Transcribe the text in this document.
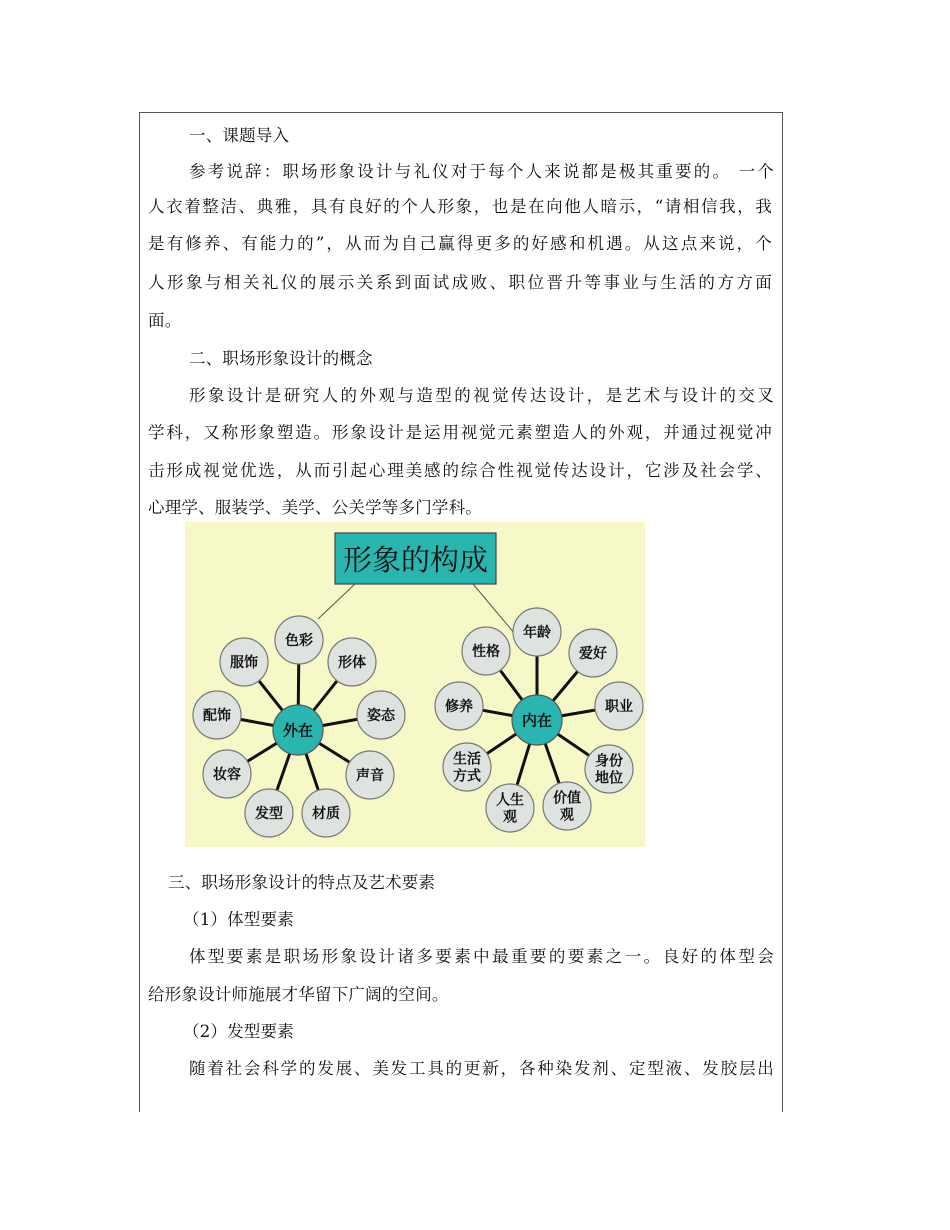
一、课题导入
参考说辞：职场形象设计与礼仪对于每个人来说都是极其重要的。 一个
人衣着整洁、典雅，具有良好的个人形象，也是在向他人暗示，“请相信我，我
是有修养、有能力的”，从而为自己赢得更多的好感和机遇。从这点来说，个
人形象与相关礼仪的展示关系到面试成败、职位晋升等事业与生活的方方面
面。
二、职场形象设计的概念
形象设计是研究人的外观与造型的视觉传达设计，是艺术与设计的交叉
学科，又称形象塑造。形象设计是运用视觉元素塑造人的外观，并通过视觉冲
击形成视觉优选，从而引起心理美感的综合性视觉传达设计，它涉及社会学、
心理学、服装学、美学、公关学等多门学科。
形象的构成
色彩
形体
姿态
声音
材质
发型
妆容
配饰
服饰
外在
年龄
爱好
职业
身份地位
价值观
人生观
生活方式
修养
性格
内在
三、职场形象设计的特点及艺术要素
（1）体型要素
体型要素是职场形象设计诸多要素中最重要的要素之一。良好的体型会
给形象设计师施展才华留下广阔的空间。
（2）发型要素
随着社会科学的发展、美发工具的更新，各种染发剂、定型液、发胶层出
